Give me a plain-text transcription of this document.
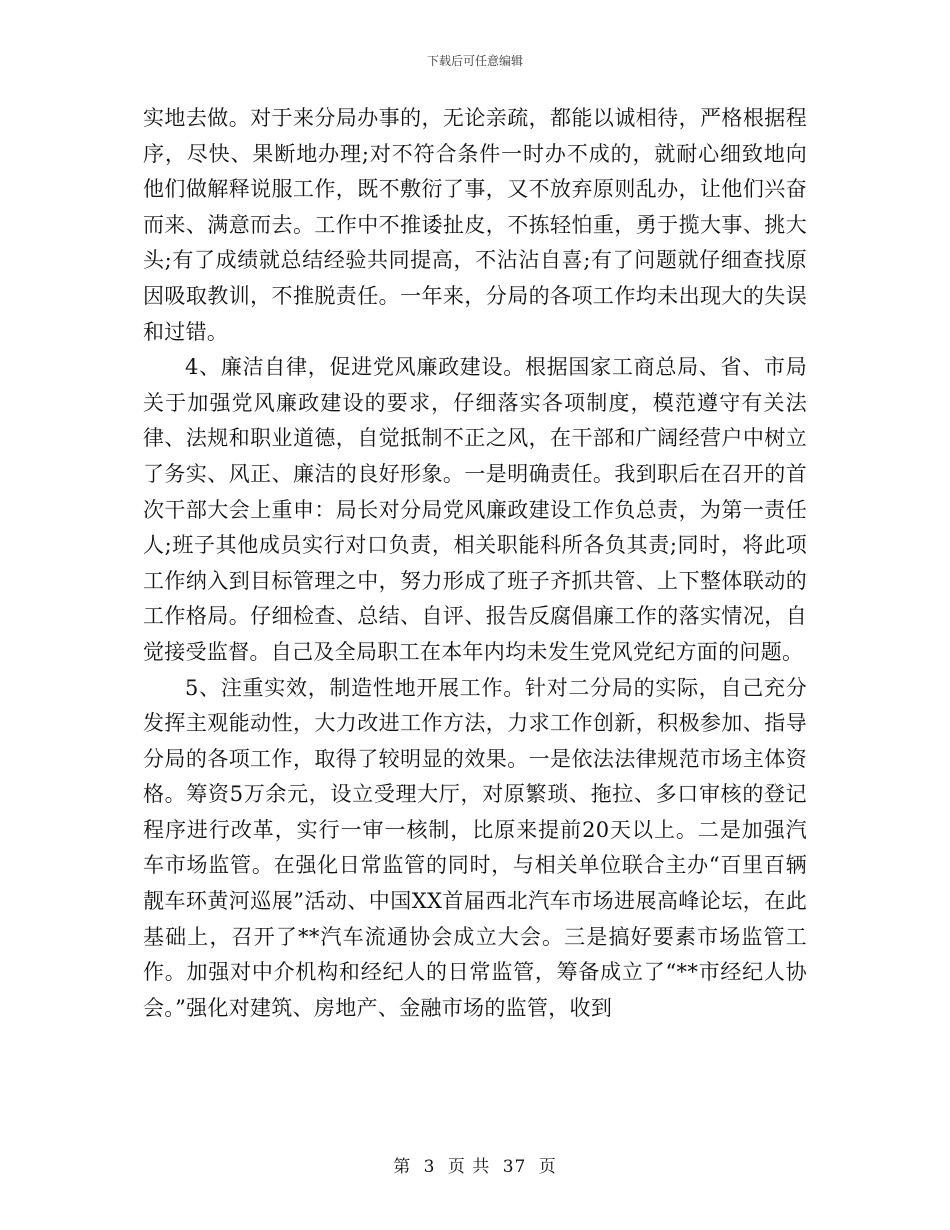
下载后可任意编辑

实地去做。对于来分局办事的，无论亲疏，都能以诚相待，严格根据程序，尽快、果断地办理;对不符合条件一时办不成的，就耐心细致地向他们做解释说服工作，既不敷衍了事，又不放弃原则乱办，让他们兴奋而来、满意而去。工作中不推诿扯皮，不拣轻怕重，勇于揽大事、挑大头;有了成绩就总结经验共同提高，不沾沾自喜;有了问题就仔细查找原因吸取教训，不推脱责任。一年来，分局的各项工作均未出现大的失误和过错。

4、廉洁自律，促进党风廉政建设。根据国家工商总局、省、市局关于加强党风廉政建设的要求，仔细落实各项制度，模范遵守有关法律、法规和职业道德，自觉抵制不正之风，在干部和广阔经营户中树立了务实、风正、廉洁的良好形象。一是明确责任。我到职后在召开的首次干部大会上重申：局长对分局党风廉政建设工作负总责，为第一责任人;班子其他成员实行对口负责，相关职能科所各负其责;同时，将此项工作纳入到目标管理之中，努力形成了班子齐抓共管、上下整体联动的工作格局。仔细检查、总结、自评、报告反腐倡廉工作的落实情况，自觉接受监督。自己及全局职工在本年内均未发生党风党纪方面的问题。

5、注重实效，制造性地开展工作。针对二分局的实际，自己充分发挥主观能动性，大力改进工作方法，力求工作创新，积极参加、指导分局的各项工作，取得了较明显的效果。一是依法法律规范市场主体资格。筹资5万余元，设立受理大厅，对原繁琐、拖拉、多口审核的登记程序进行改革，实行一审一核制，比原来提前20天以上。二是加强汽车市场监管。在强化日常监管的同时，与相关单位联合主办“百里百辆靓车环黄河巡展”活动、中国XX首届西北汽车市场进展高峰论坛，在此基础上，召开了**汽车流通协会成立大会。三是搞好要素市场监管工作。加强对中介机构和经纪人的日常监管，筹备成立了“**市经纪人协会。”强化对建筑、房地产、金融市场的监管，收到

第 3 页 共 37 页
